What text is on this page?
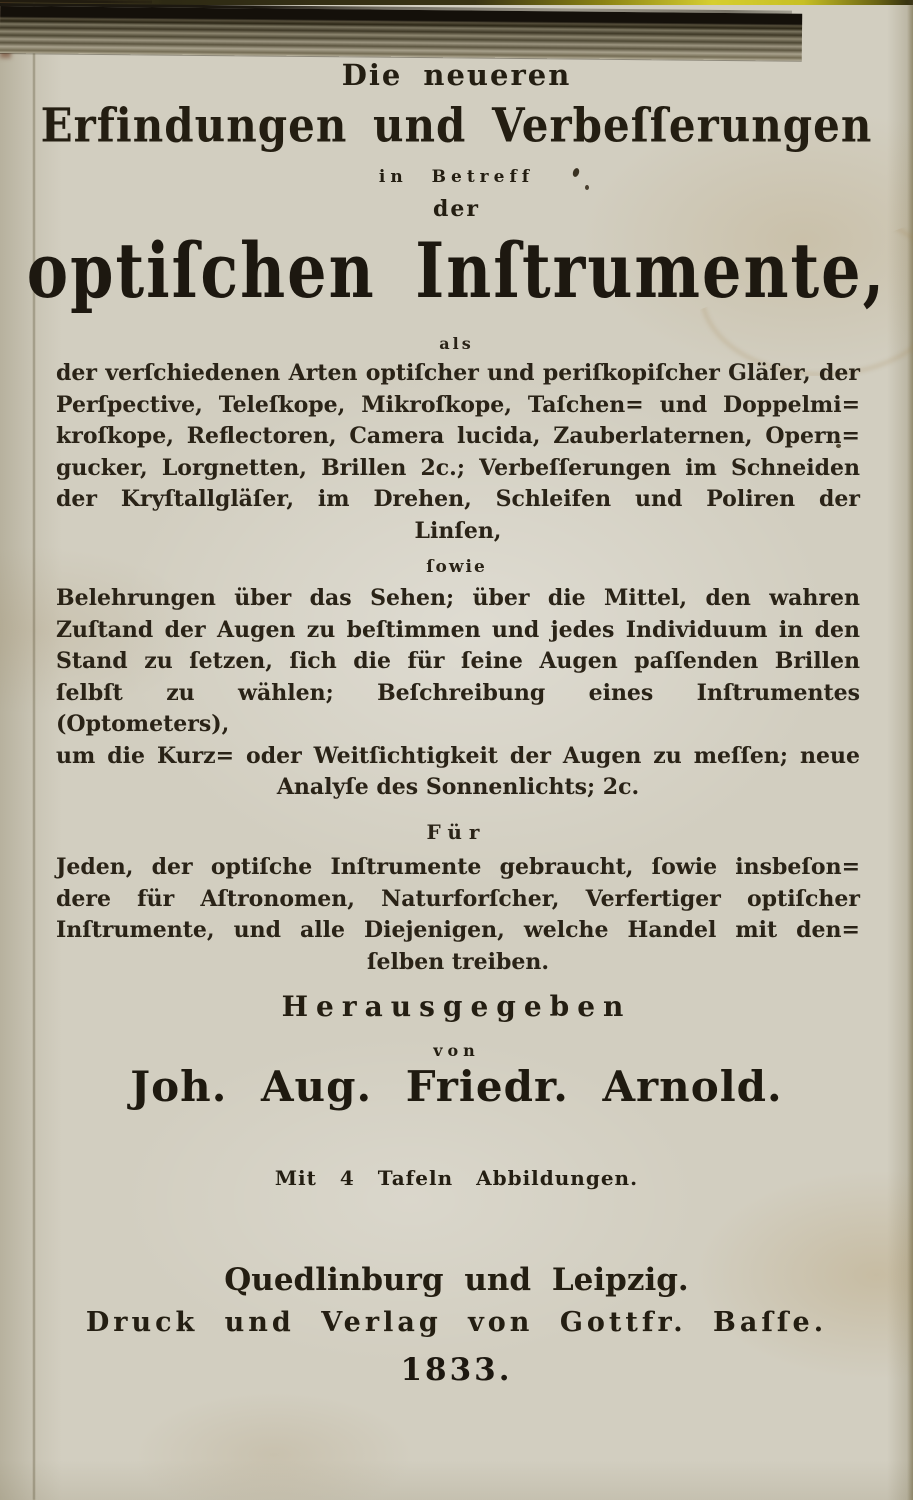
Die neueren
Erfindungen und Verbeſſerungen
in Betreff
der
optiſchen Inſtrumente,
als
der verſchiedenen Arten optiſcher und periſkopiſcher Gläſer, der
Perſpective, Teleſkope, Mikroſkope, Taſchen= und Doppelmi=
kroſkope, Reflectoren, Camera lucida, Zauberlaternen, Opern=
gucker, Lorgnetten, Brillen 2c.; Verbeſſerungen im Schneiden
der Kryſtallgläſer, im Drehen, Schleifen und Poliren der
Linſen,
ſowie
Belehrungen über das Sehen; über die Mittel, den wahren
Zuſtand der Augen zu beſtimmen und jedes Individuum in den
Stand zu ſetzen, ſich die für ſeine Augen paſſenden Brillen
ſelbſt zu wählen; Beſchreibung eines Inſtrumentes (Optometers),
um die Kurz= oder Weitſichtigkeit der Augen zu meſſen; neue
Analyſe des Sonnenlichts; 2c.
Für
Jeden, der optiſche Inſtrumente gebraucht, ſowie insbeſon=
dere für Aſtronomen, Naturforſcher, Verfertiger optiſcher
Inſtrumente, und alle Diejenigen, welche Handel mit den=
ſelben treiben.
Herausgegeben
von
Joh. Aug. Friedr. Arnold.
Mit 4 Tafeln Abbildungen.
Quedlinburg und Leipzig.
Druck und Verlag von Gottfr. Baſſe.
1833.
